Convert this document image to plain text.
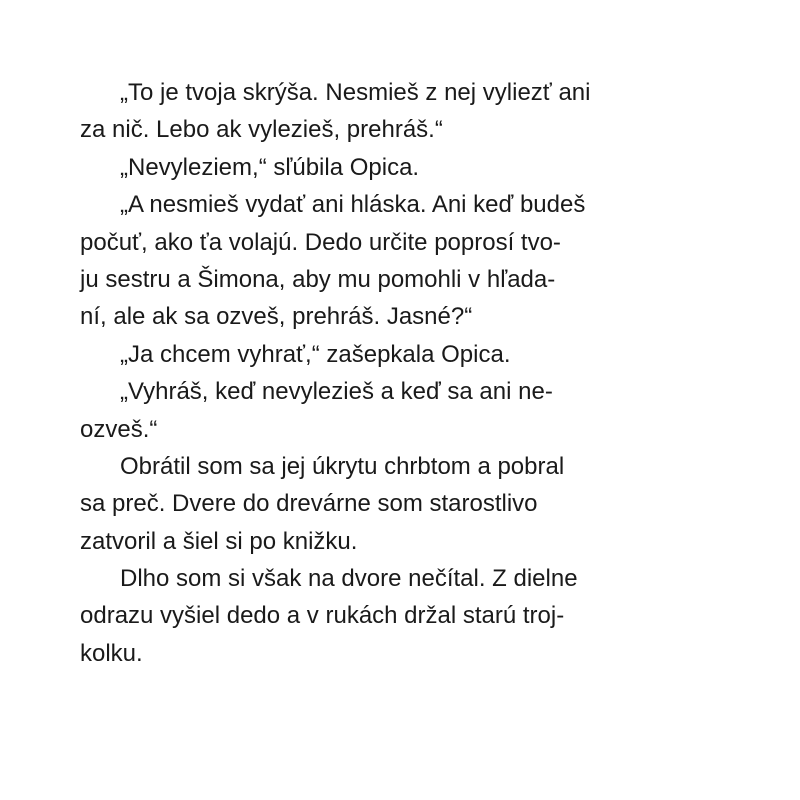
„To je tvoja skrýša. Nesmieš z nej vyliezť ani
za nič. Lebo ak vylezieš, prehráš.“
„Nevyleziem,“ sľúbila Opica.
„A nesmieš vydať ani hláska. Ani keď budeš
počuť, ako ťa volajú. Dedo určite poprosí tvo-
ju sestru a Šimona, aby mu pomohli v hľada-
ní, ale ak sa ozveš, prehráš. Jasné?“
„Ja chcem vyhrať,“ zašepkala Opica.
„Vyhráš, keď nevylezieš a keď sa ani ne-
ozveš.“
Obrátil som sa jej úkrytu chrbtom a pobral
sa preč. Dvere do drevárne som starostlivo
zatvoril a šiel si po knižku.
Dlho som si však na dvore nečítal. Z dielne
odrazu vyšiel dedo a v rukách držal starú troj-
kolku.
